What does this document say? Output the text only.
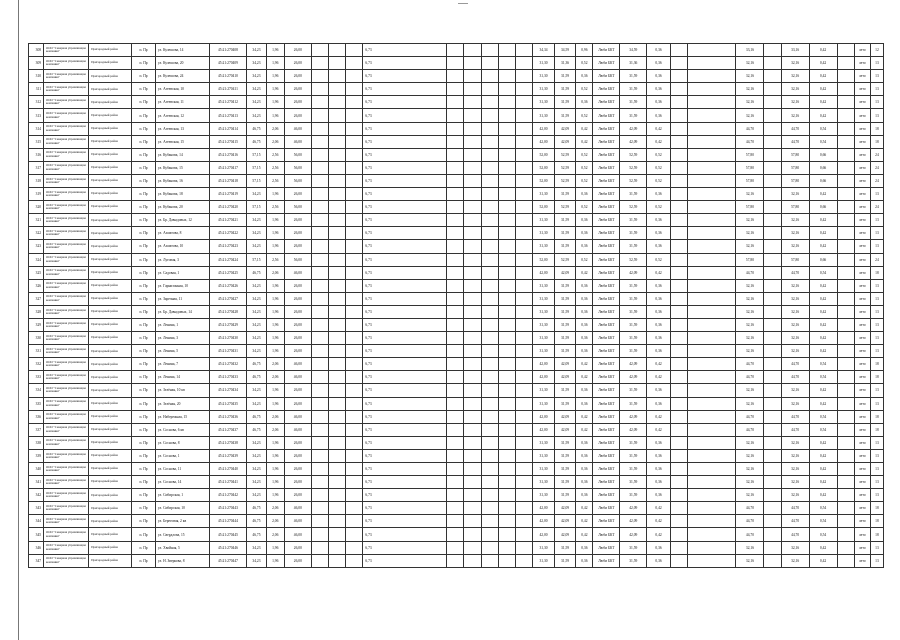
308	ООО "Северная управляющая компания"	Пригородный район	п. Пр	ул. Кулешова, 14	45:21:270408	34,23	1,96	26,00				6,73						34,34	34,59	0,96	Люби БКТ	34,59	0,36			33,16		33,16	0,42		лето	12
309	ООО "Северная управляющая компания"	Пригородный район	п. Пр	ул. Кулешова, 20	45:21:270409	34,23	1,96	26,00				6,73						31,30	31,36	0,52	Люби БКТ	31,36	0,36			32,16		32,16	0,42		лето	13
310	ООО "Северная управляющая компания"	Пригородный район	п. Пр	ул. Кулешова, 24	45:21:270410	34,23	1,96	26,00				6,73						31,30	31,59	0,36	Люби БКТ	31,59	0,36			32,16		32,16	0,42		лето	13
311	ООО "Северная управляющая компания"	Пригородный район	п. Пр	ул. Агеевская, 10	45:21:270411	34,23	1,96	26,00				6,73						31,30	31,59	0,52	Люби БКТ	31,59	0,36			32,16		32,16	0,42		лето	13
312	ООО "Северная управляющая компания"	Пригородный район	п. Пр	ул. Агеевская, 11	45:21:270412	34,23	1,96	26,00				6,73						31,30	31,59	0,36	Люби БКТ	31,59	0,36			32,16		32,16	0,42		лето	13
313	ООО "Северная управляющая компания"	Пригородный район	п. Пр	ул. Агеевская, 12	45:21:270413	34,23	1,96	26,00				6,73						31,30	31,59	0,52	Люби БКТ	31,59	0,36			32,16		32,16	0,42		лето	13
314	ООО "Северная управляющая компания"	Пригородный район	п. Пр	ул. Агеевская, 13	45:21:270414	46,75	2,06	46,00				6,73						42,00	42,09	0,42	Люби БКТ	42,09	0,42			44,70		44,70	0,54		лето	18
315	ООО "Северная управляющая компания"	Пригородный район	п. Пр	ул. Агеевская, 15	45:21:270415	46,75	2,06	46,00				6,73						42,00	42,09	0,42	Люби БКТ	42,09	0,42			44,70		44,70	0,54		лето	18
316	ООО "Северная управляющая компания"	Пригородный район	п. Пр	ул. Кубанова, 14	45:21:270416	57,15	2,56	56,00				6,73						52,00	52,59	0,52	Люби БКТ	52,59	0,52			57,80		57,80	0,66		лето	24
317	ООО "Северная управляющая компания"	Пригородный район	п. Пр	ул. Кубанова, 15	45:21:270417	57,15	2,56	56,00				6,73						52,00	52,59	0,52	Люби БКТ	52,59	0,52			57,80		57,80	0,66		лето	24
318	ООО "Северная управляющая компания"	Пригородный район	п. Пр	ул. Кубанова, 16	45:21:270418	57,15	2,56	56,00				6,73						52,00	52,59	0,52	Люби БКТ	52,59	0,52			57,80		57,80	0,66		лето	24
319	ООО "Северная управляющая компания"	Пригородный район	п. Пр	ул. Кубанова, 18	45:21:270419	34,23	1,96	26,00				6,73						31,30	31,59	0,36	Люби БКТ	31,59	0,36			32,16		32,16	0,42		лето	13
320	ООО "Северная управляющая компания"	Пригородный район	п. Пр	ул. Кубанова, 20	45:21:270420	57,15	2,56	56,00				6,73						52,00	52,59	0,52	Люби БКТ	52,59	0,52			57,80		57,80	0,66		лето	24
321	ООО "Северная управляющая компания"	Пригородный район	п. Пр	ул. Бр. Давыдовых, 12	45:21:270421	34,23	1,96	26,00				6,73						31,30	31,59	0,36	Люби БКТ	31,59	0,36			32,16		32,16	0,42		лето	13
322	ООО "Северная управляющая компания"	Пригородный район	п. Пр	ул. Ахматова, 8	45:21:270422	34,23	1,96	26,00				6,73						31,30	31,59	0,36	Люби БКТ	31,59	0,36			32,16		32,16	0,42		лето	13
323	ООО "Северная управляющая компания"	Пригородный район	п. Пр	ул. Ахматова, 10	45:21:270423	34,23	1,96	26,00				6,73						31,30	31,59	0,36	Люби БКТ	31,59	0,36			32,16		32,16	0,42		лето	13
324	ООО "Северная управляющая компания"	Пригородный район	п. Пр	ул. Луговая, 3	45:21:270424	57,15	2,56	56,00				6,73						52,00	52,59	0,52	Люби БКТ	52,59	0,52			57,80		57,80	0,66		лето	24
325	ООО "Северная управляющая компания"	Пригородный район	п. Пр	ул. Садовая, 1	45:21:270425	46,75	2,06	46,00				6,73						42,00	42,09	0,42	Люби БКТ	42,09	0,42			44,70		44,70	0,54		лето	18
326	ООО "Северная управляющая компания"	Пригородный район	п. Пр	ул. Гарнизонная, 10	45:21:270426	34,23	1,96	26,00				6,73						31,30	31,59	0,36	Люби БКТ	31,59	0,36			32,16		32,16	0,42		лето	13
327	ООО "Северная управляющая компания"	Пригородный район	п. Пр	ул. Заречная, 11	45:21:270427	34,23	1,96	26,00				6,73						31,30	31,59	0,36	Люби БКТ	31,59	0,36			32,16		32,16	0,42		лето	13
328	ООО "Северная управляющая компания"	Пригородный район	п. Пр	ул. Бр. Давыдовых, 14	45:21:270428	34,23	1,96	26,00				6,73						31,30	31,59	0,36	Люби БКТ	31,59	0,36			32,16		32,16	0,42		лето	13
329	ООО "Северная управляющая компания"	Пригородный район	п. Пр	ул. Ленина, 1	45:21:270429	34,23	1,96	26,00				6,73						31,30	31,59	0,36	Люби БКТ	31,59	0,36			32,16		32,16	0,42		лето	13
330	ООО "Северная управляющая компания"	Пригородный район	п. Пр	ул. Ленина, 3	45:21:270430	34,23	1,96	26,00				6,73						31,30	31,59	0,36	Люби БКТ	31,59	0,36			32,16		32,16	0,42		лето	13
331	ООО "Северная управляющая компания"	Пригородный район	п. Пр	ул. Ленина, 5	45:21:270431	34,23	1,96	26,00				6,73						31,30	31,59	0,36	Люби БКТ	31,59	0,36			32,16		32,16	0,42		лето	13
332	ООО "Северная управляющая компания"	Пригородный район	п. Пр	ул. Ленина, 7	45:21:270432	46,75	2,06	46,00				6,73						42,00	42,09	0,42	Люби БКТ	42,09	0,42			44,70		44,70	0,54		лето	18
333	ООО "Северная управляющая компания"	Пригородный район	п. Пр	ул. Ленина, 14	45:21:270433	46,75	2,06	46,00				6,73						42,00	42,09	0,42	Люби БКТ	42,09	0,42			44,70		44,70	0,54		лето	18
334	ООО "Северная управляющая компания"	Пригородный район	п. Пр	ул. Зелёная, 10 кв	45:21:270434	34,23	1,96	26,00				6,73						31,30	31,59	0,36	Люби БКТ	31,59	0,36			32,16		32,16	0,42		лето	13
335	ООО "Северная управляющая компания"	Пригородный район	п. Пр	ул. Зелёная, 20	45:21:270435	34,23	1,96	26,00				6,73						31,30	31,59	0,36	Люби БКТ	31,59	0,36			32,16		32,16	0,42		лето	13
336	ООО "Северная управляющая компания"	Пригородный район	п. Пр	ул. Набережная, 15	45:21:270436	46,75	2,06	46,00				6,73						42,00	42,09	0,42	Люби БКТ	42,09	0,42			44,70		44,70	0,54		лето	18
337	ООО "Северная управляющая компания"	Пригородный район	п. Пр	ул. Соснова, 6 кв	45:21:270437	46,75	2,06	46,00				6,73						42,00	42,09	0,42	Люби БКТ	42,09	0,42			44,70		44,70	0,54		лето	18
338	ООО "Северная управляющая компания"	Пригородный район	п. Пр	ул. Соснова, 8	45:21:270438	34,23	1,96	26,00				6,73						31,30	31,59	0,36	Люби БКТ	31,59	0,36			32,16		32,16	0,42		лето	13
339	ООО "Северная управляющая компания"	Пригородный район	п. Пр	ул. Соснова, 1	45:21:270439	34,23	1,96	26,00				6,73						31,30	31,59	0,36	Люби БКТ	31,59	0,36			32,16		32,16	0,42		лето	13
340	ООО "Северная управляющая компания"	Пригородный район	п. Пр	ул. Соснова, 11	45:21:270440	34,23	1,96	26,00				6,73						31,30	31,59	0,36	Люби БКТ	31,59	0,36			32,16		32,16	0,42		лето	13
341	ООО "Северная управляющая компания"	Пригородный район	п. Пр	ул. Соснова, 14	45:21:270441	34,23	1,96	26,00				6,73						31,30	31,59	0,36	Люби БКТ	31,59	0,36			32,16		32,16	0,42		лето	13
342	ООО "Северная управляющая компания"	Пригородный район	п. Пр	ул. Сибирская, 1	45:21:270442	34,23	1,96	26,00				6,73						31,30	31,59	0,36	Люби БКТ	31,59	0,36			32,16		32,16	0,42		лето	13
343	ООО "Северная управляющая компания"	Пригородный район	п. Пр	ул. Сибирская, 10	45:21:270443	46,75	2,06	46,00				6,73						42,00	42,09	0,42	Люби БКТ	42,09	0,42			44,70		44,70	0,54		лето	18
344	ООО "Северная управляющая компания"	Пригородный район	п. Пр	ул. Береговая, 2 кв	45:21:270444	46,75	2,06	46,00				6,73						42,00	42,09	0,42	Люби БКТ	42,09	0,42			44,70		44,70	0,54		лето	18
345	ООО "Северная управляющая компания"	Пригородный район	п. Пр	ул. Свердлова, 15	45:21:270445	46,75	2,06	46,00				6,73						42,00	42,09	0,42	Люби БКТ	42,09	0,42			44,70		44,70	0,54		лето	18
346	ООО "Северная управляющая компания"	Пригородный район	п. Пр	ул. Хвойная, 5	45:21:270446	34,23	1,96	26,00				6,73						31,30	31,59	0,36	Люби БКТ	31,59	0,36			32,16		32,16	0,42		лето	13
347	ООО "Северная управляющая компания"	Пригородный район	п. Пр	ул. Н. Зверкова, 8	45:21:270447	34,23	1,96	26,00				6,73						31,30	31,59	0,36	Люби БКТ	31,59	0,36			32,16		32,16	0,42		лето	13
